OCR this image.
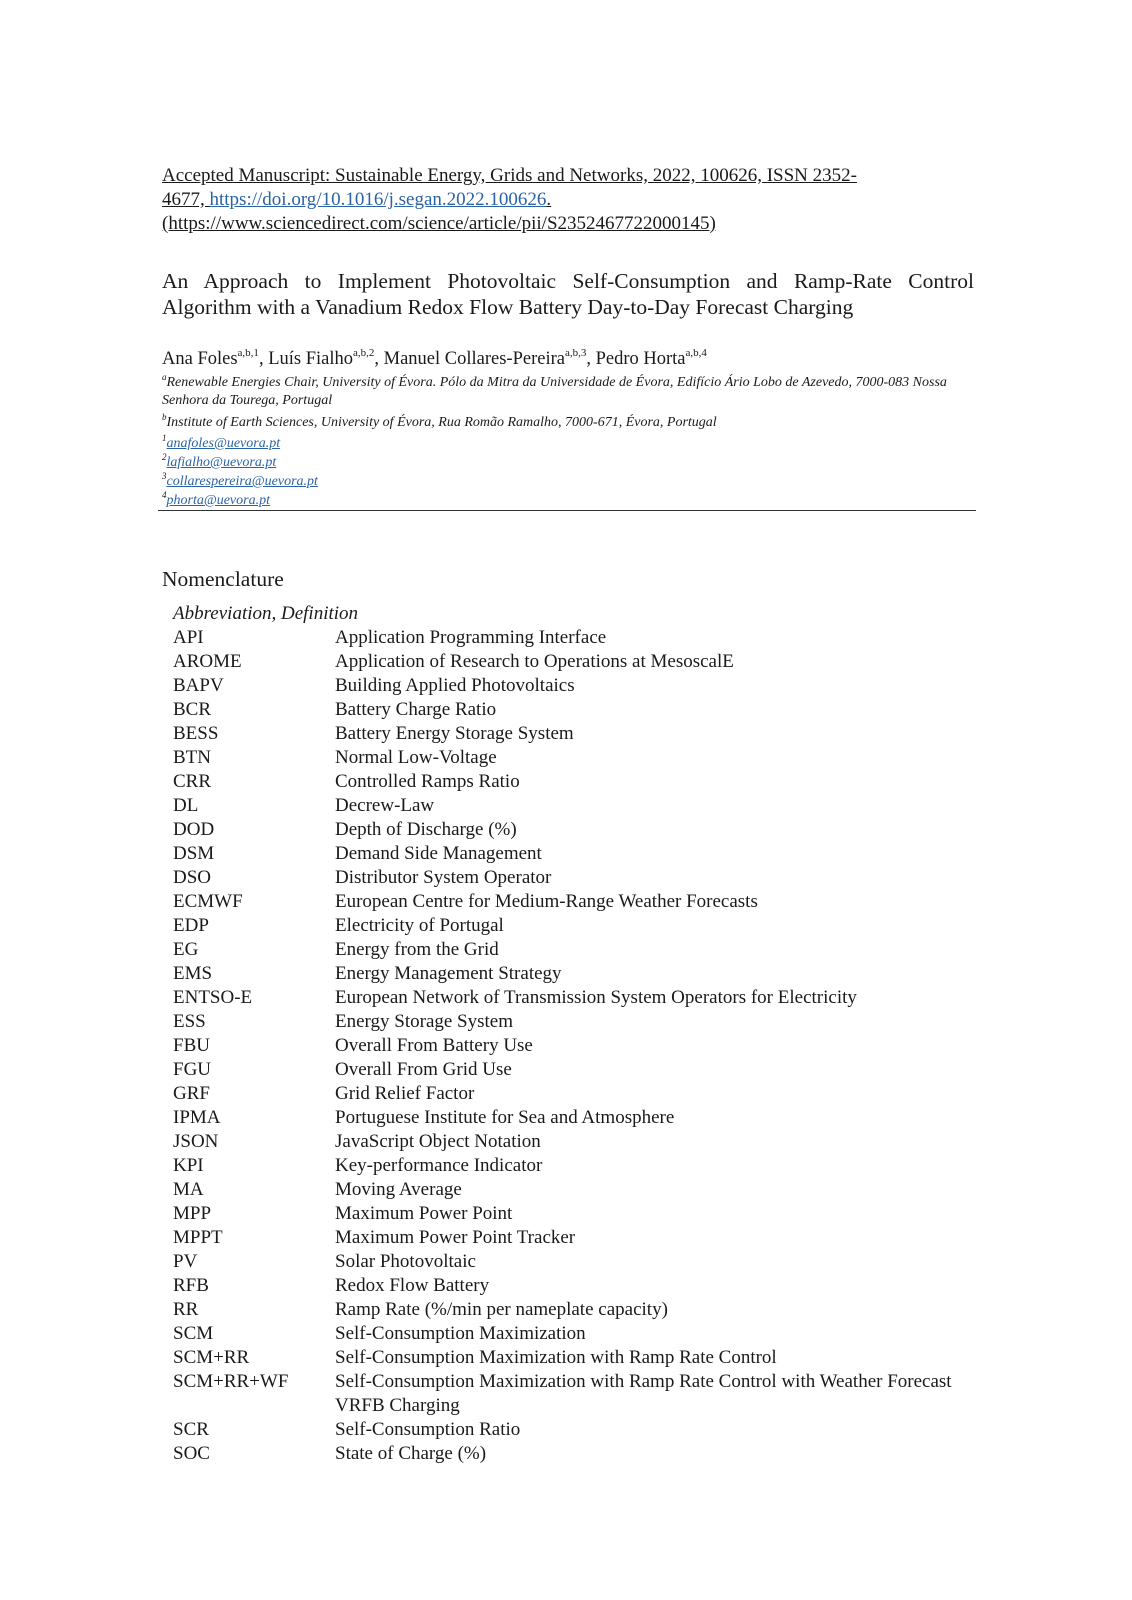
Accepted Manuscript: Sustainable Energy, Grids and Networks, 2022, 100626, ISSN 2352-
4677, https://doi.org/10.1016/j.segan.2022.100626.
(https://www.sciencedirect.com/science/article/pii/S2352467722000145)
An Approach to Implement Photovoltaic Self-Consumption and Ramp-Rate Control Algorithm with a Vanadium Redox Flow Battery Day-to-Day Forecast Charging
Ana Foles$^{a,b,1}$, Luís Fialho$^{a,b,2}$, Manuel Collares-Pereira$^{a,b,3}$, Pedro Horta$^{a,b,4}$
$^a$Renewable Energies Chair, University of Évora. Pólo da Mitra da Universidade de Évora, Edifício Ário Lobo de Azevedo, 7000-083 Nossa Senhora da Tourega, Portugal
$^b$Institute of Earth Sciences, University of Évora, Rua Romão Ramalho, 7000-671, Évora, Portugal
$^1$anafoles@uevora.pt
$^2$lafialho@uevora.pt
$^3$collarespereira@uevora.pt
$^4$phorta@uevora.pt
Nomenclature
Abbreviation, Definition
API	Application Programming Interface
AROME	Application of Research to Operations at MesoscalE
BAPV	Building Applied Photovoltaics
BCR	Battery Charge Ratio
BESS	Battery Energy Storage System
BTN	Normal Low-Voltage
CRR	Controlled Ramps Ratio
DL	Decrew-Law
DOD	Depth of Discharge (%)
DSM	Demand Side Management
DSO	Distributor System Operator
ECMWF	European Centre for Medium-Range Weather Forecasts
EDP	Electricity of Portugal
EG	Energy from the Grid
EMS	Energy Management Strategy
ENTSO-E	European Network of Transmission System Operators for Electricity
ESS	Energy Storage System
FBU	Overall From Battery Use
FGU	Overall From Grid Use
GRF	Grid Relief Factor
IPMA	Portuguese Institute for Sea and Atmosphere
JSON	JavaScript Object Notation
KPI	Key-performance Indicator
MA	Moving Average
MPP	Maximum Power Point
MPPT	Maximum Power Point Tracker
PV	Solar Photovoltaic
RFB	Redox Flow Battery
RR	Ramp Rate (%/min per nameplate capacity)
SCM	Self-Consumption Maximization
SCM+RR	Self-Consumption Maximization with Ramp Rate Control
SCM+RR+WF	Self-Consumption Maximization with Ramp Rate Control with Weather Forecast VRFB Charging
SCR	Self-Consumption Ratio
SOC	State of Charge (%)
